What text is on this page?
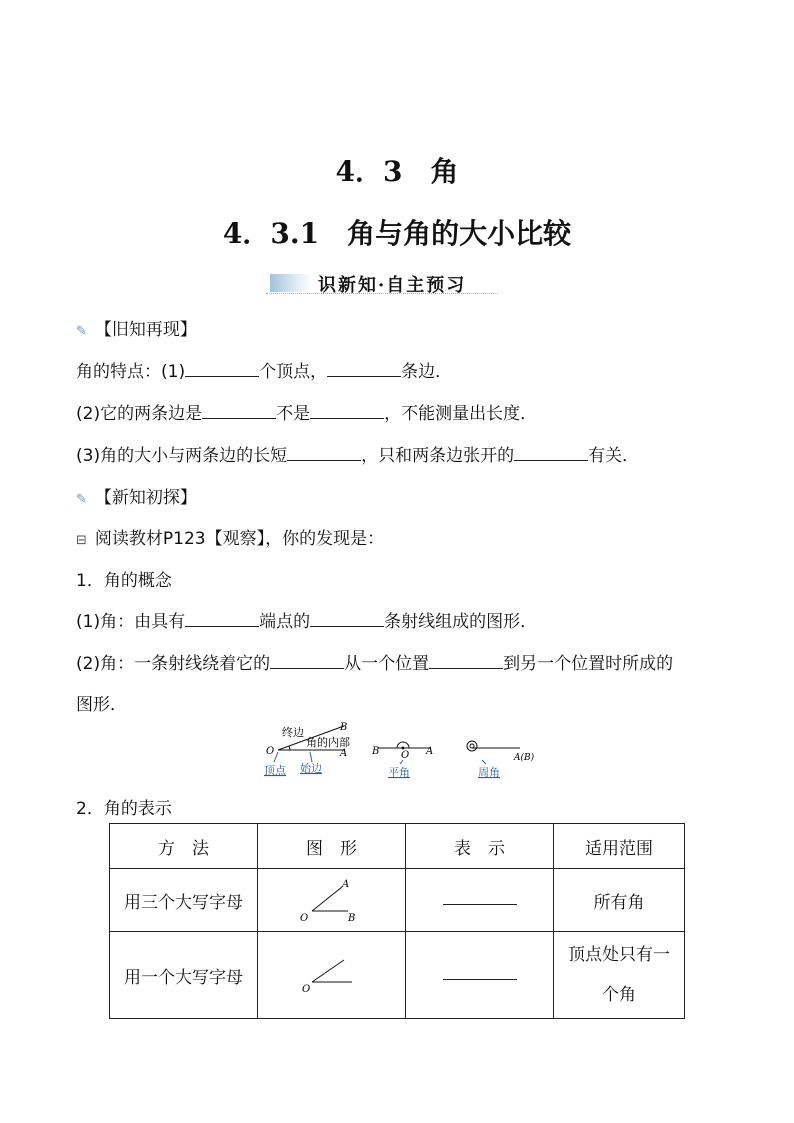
4．3　角
4．3.1　角与角的大小比较
识新知·自主预习
✎ 【旧知再现】
角的特点：(1)	个顶点，	条边．
(2)它的两条边是	不是	，不能测量出长度．
(3)角的大小与两条边的长短	，只和两条边张开的	有关．
✎ 【新知初探】
⊟ 阅读教材P123【观察】，你的发现是：
1．角的概念
(1)角：由具有	端点的	条射线组成的图形．
(2)角：一条射线绕着它的	从一个位置	到另一个位置时所成的
图形．
O
B
A
终边
角的内部
顶点 始边
B O A
平角
A(B)
周角
2．角的表示
方　法	图　形	表　示	适用范围
用三个大写字母	O
A
B		所有角
用一个大写字母	O		顶点处只有一
个角
